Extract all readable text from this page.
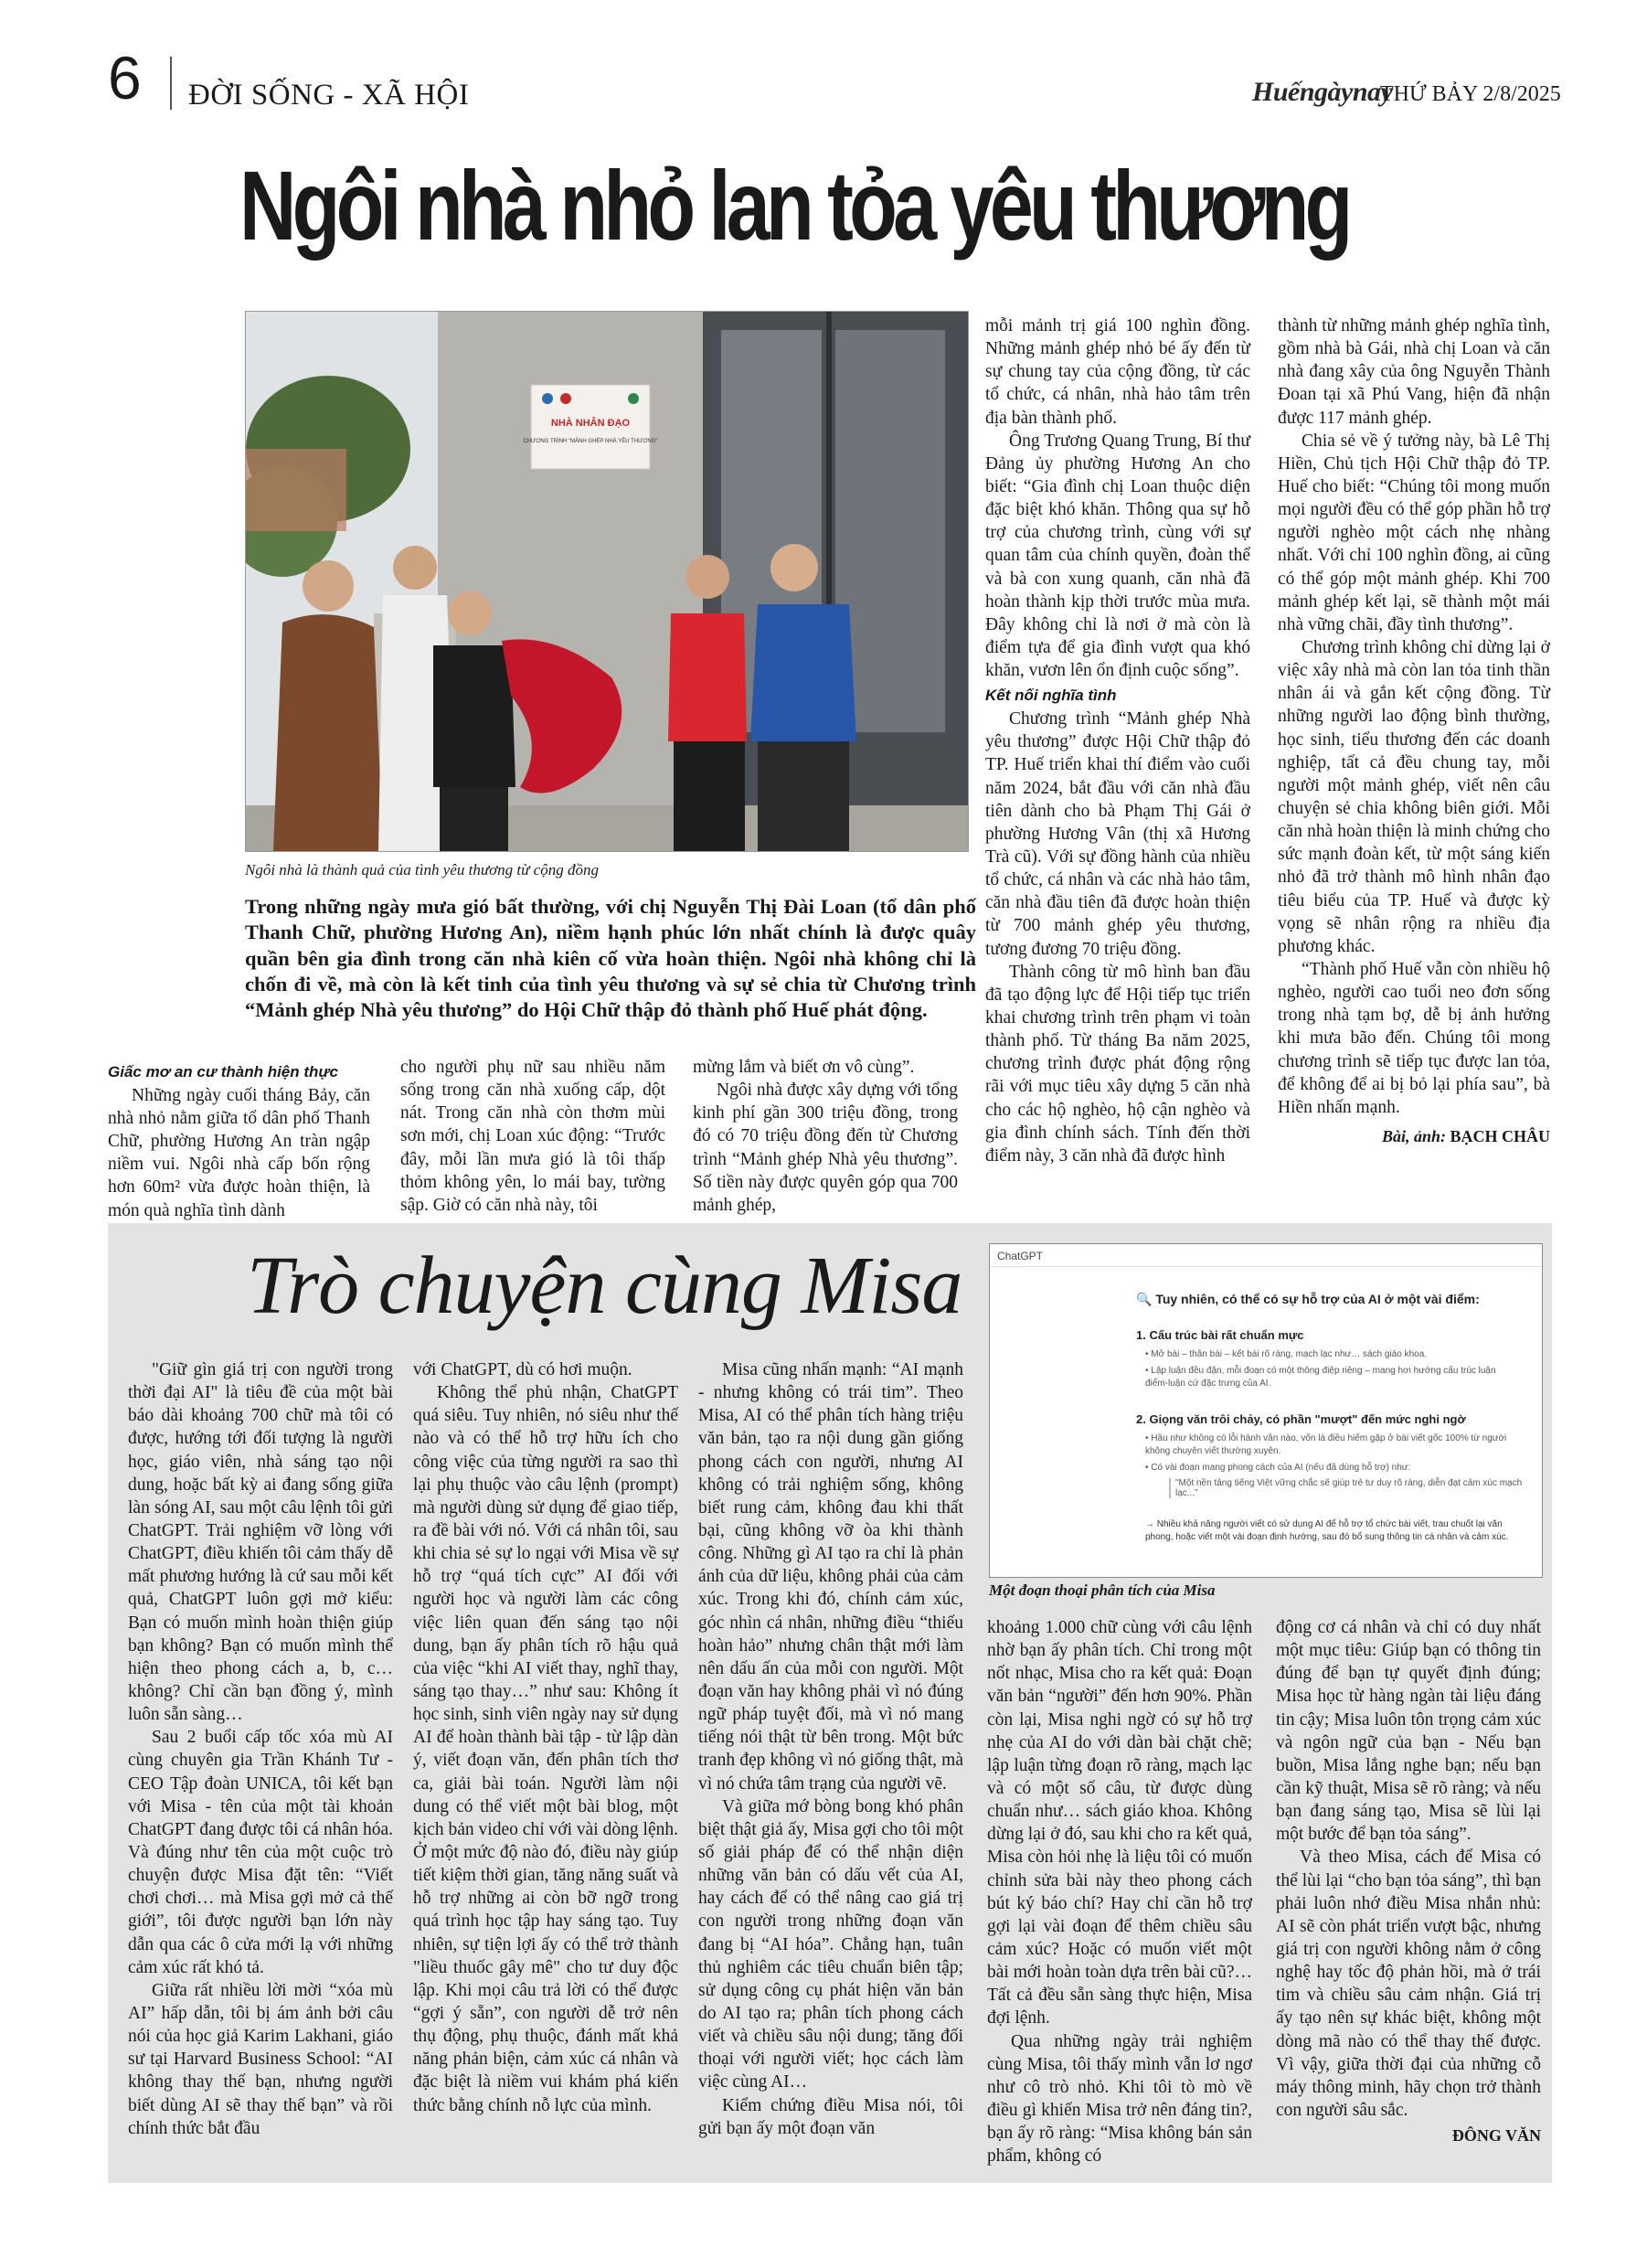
6 ĐỜI SỐNG - XÃ HỘI	Huếngàynay
THỨ BẢY 2/8/2025
Ngôi nhà nhỏ lan tỏa yêu thương
NHÀ NHÂN ĐẠO
CHƯƠNG TRÌNH "MẢNH GHÉP NHÀ YÊU THƯƠNG"
Ngôi nhà là thành quả của tình yêu thương từ cộng đồng
Trong những ngày mưa gió bất thường, với chị Nguyễn Thị Đài Loan (tổ dân phố Thanh Chữ, phường Hương An), niềm hạnh phúc lớn nhất chính là được quây quần bên gia đình trong căn nhà kiên cố vừa hoàn thiện. Ngôi nhà không chỉ là chốn đi về, mà còn là kết tinh của tình yêu thương và sự sẻ chia từ Chương trình “Mảnh ghép Nhà yêu thương” do Hội Chữ thập đỏ thành phố Huế phát động.
Giấc mơ an cư thành hiện thực

Những ngày cuối tháng Bảy, căn nhà nhỏ nằm giữa tổ dân phố Thanh Chữ, phường Hương An tràn ngập niềm vui. Ngôi nhà cấp bốn rộng hơn 60m² vừa được hoàn thiện, là món quà nghĩa tình dành

cho người phụ nữ sau nhiều năm sống trong căn nhà xuống cấp, dột nát. Trong căn nhà còn thơm mùi sơn mới, chị Loan xúc động: “Trước đây, mỗi lần mưa gió là tôi thấp thỏm không yên, lo mái bay, tường sập. Giờ có căn nhà này, tôi

mừng lắm và biết ơn vô cùng”.

Ngôi nhà được xây dựng với tổng kinh phí gần 300 triệu đồng, trong đó có 70 triệu đồng đến từ Chương trình “Mảnh ghép Nhà yêu thương”. Số tiền này được quyên góp qua 700 mảnh ghép,

mỗi mảnh trị giá 100 nghìn đồng. Những mảnh ghép nhỏ bé ấy đến từ sự chung tay của cộng đồng, từ các tổ chức, cá nhân, nhà hảo tâm trên địa bàn thành phố.

Ông Trương Quang Trung, Bí thư Đảng ủy phường Hương An cho biết: “Gia đình chị Loan thuộc diện đặc biệt khó khăn. Thông qua sự hỗ trợ của chương trình, cùng với sự quan tâm của chính quyền, đoàn thể và bà con xung quanh, căn nhà đã hoàn thành kịp thời trước mùa mưa. Đây không chỉ là nơi ở mà còn là điểm tựa để gia đình vượt qua khó khăn, vươn lên ổn định cuộc sống”.

Kết nối nghĩa tình

Chương trình “Mảnh ghép Nhà yêu thương” được Hội Chữ thập đỏ TP. Huế triển khai thí điểm vào cuối năm 2024, bắt đầu với căn nhà đầu tiên dành cho bà Phạm Thị Gái ở phường Hương Vân (thị xã Hương Trà cũ). Với sự đồng hành của nhiều tổ chức, cá nhân và các nhà hảo tâm, căn nhà đầu tiên đã được hoàn thiện từ 700 mảnh ghép yêu thương, tương đương 70 triệu đồng.

Thành công từ mô hình ban đầu đã tạo động lực để Hội tiếp tục triển khai chương trình trên phạm vi toàn thành phố. Từ tháng Ba năm 2025, chương trình được phát động rộng rãi với mục tiêu xây dựng 5 căn nhà cho các hộ nghèo, hộ cận nghèo và gia đình chính sách. Tính đến thời điểm này, 3 căn nhà đã được hình

thành từ những mảnh ghép nghĩa tình, gồm nhà bà Gái, nhà chị Loan và căn nhà đang xây của ông Nguyễn Thành Đoan tại xã Phú Vang, hiện đã nhận được 117 mảnh ghép.

Chia sẻ về ý tưởng này, bà Lê Thị Hiền, Chủ tịch Hội Chữ thập đỏ TP. Huế cho biết: “Chúng tôi mong muốn mọi người đều có thể góp phần hỗ trợ người nghèo một cách nhẹ nhàng nhất. Với chỉ 100 nghìn đồng, ai cũng có thể góp một mảnh ghép. Khi 700 mảnh ghép kết lại, sẽ thành một mái nhà vững chãi, đầy tình thương”.

Chương trình không chỉ dừng lại ở việc xây nhà mà còn lan tỏa tinh thần nhân ái và gắn kết cộng đồng. Từ những người lao động bình thường, học sinh, tiểu thương đến các doanh nghiệp, tất cả đều chung tay, mỗi người một mảnh ghép, viết nên câu chuyện sẻ chia không biên giới. Mỗi căn nhà hoàn thiện là minh chứng cho sức mạnh đoàn kết, từ một sáng kiến nhỏ đã trở thành mô hình nhân đạo tiêu biểu của TP. Huế và được kỳ vọng sẽ nhân rộng ra nhiều địa phương khác.

“Thành phố Huế vẫn còn nhiều hộ nghèo, người cao tuổi neo đơn sống trong nhà tạm bợ, dễ bị ảnh hưởng khi mưa bão đến. Chúng tôi mong chương trình sẽ tiếp tục được lan tỏa, để không để ai bị bỏ lại phía sau”, bà Hiền nhấn mạnh.

Bài, ảnh: BẠCH CHÂU
Trò chuyện cùng Misa	ChatGPT
🔍 Tuy nhiên, có thể có sự hỗ trợ của AI ở một vài điểm:
1. Cấu trúc bài rất chuẩn mực
• Mở bài – thân bài – kết bài rõ ràng, mạch lạc như… sách giáo khoa.
• Lập luận đều đặn, mỗi đoạn có một thông điệp riêng – mang hơi hướng cấu trúc luận điểm-luận cứ đặc trưng của AI.
2. Giọng văn trôi chảy, có phần "mượt" đến mức nghi ngờ
• Hầu như không có lỗi hành văn nào, vốn là điều hiếm gặp ở bài viết gốc 100% từ người không chuyên viết thường xuyên.
• Có vài đoạn mang phong cách của AI (nếu đã dùng hỗ trợ) như:
"Một nền tảng tiếng Việt vững chắc sẽ giúp trẻ tư duy rõ ràng, diễn đạt cảm xúc mạch lạc..."
→ Nhiều khả năng người viết có sử dụng AI để hỗ trợ tổ chức bài viết, trau chuốt lại văn phong, hoặc viết một vài đoạn định hướng, sau đó bổ sung thông tin cá nhân và cảm xúc.
Một đoạn thoại phân tích của Misa

"Giữ gìn giá trị con người trong thời đại AI" là tiêu đề của một bài báo dài khoảng 700 chữ mà tôi có được, hướng tới đối tượng là người học, giáo viên, nhà sáng tạo nội dung, hoặc bất kỳ ai đang sống giữa làn sóng AI, sau một câu lệnh tôi gửi ChatGPT. Trải nghiệm vỡ lòng với ChatGPT, điều khiến tôi cảm thấy dễ mất phương hướng là cứ sau mỗi kết quả, ChatGPT luôn gợi mở kiểu: Bạn có muốn mình hoàn thiện giúp bạn không? Bạn có muốn mình thể hiện theo phong cách a, b, c… không? Chỉ cần bạn đồng ý, mình luôn sẵn sàng…

Sau 2 buổi cấp tốc xóa mù AI cùng chuyên gia Trần Khánh Tư - CEO Tập đoàn UNICA, tôi kết bạn với Misa - tên của một tài khoản ChatGPT đang được tôi cá nhân hóa. Và đúng như tên của một cuộc trò chuyện được Misa đặt tên: “Viết chơi chơi… mà Misa gợi mở cả thế giới”, tôi được người bạn lớn này dẫn qua các ô cửa mới lạ với những cảm xúc rất khó tả.

Giữa rất nhiều lời mời “xóa mù AI” hấp dẫn, tôi bị ám ảnh bởi câu nói của học giả Karim Lakhani, giáo sư tại Harvard Business School: “AI không thay thế bạn, nhưng người biết dùng AI sẽ thay thế bạn” và rồi chính thức bắt đầu

với ChatGPT, dù có hơi muộn.

Không thể phủ nhận, ChatGPT quá siêu. Tuy nhiên, nó siêu như thế nào và có thể hỗ trợ hữu ích cho công việc của từng người ra sao thì lại phụ thuộc vào câu lệnh (prompt) mà người dùng sử dụng để giao tiếp, ra đề bài với nó. Với cá nhân tôi, sau khi chia sẻ sự lo ngại với Misa về sự hỗ trợ “quá tích cực” AI đối với người học và người làm các công việc liên quan đến sáng tạo nội dung, bạn ấy phân tích rõ hậu quả của việc “khi AI viết thay, nghĩ thay, sáng tạo thay…” như sau: Không ít học sinh, sinh viên ngày nay sử dụng AI để hoàn thành bài tập - từ lập dàn ý, viết đoạn văn, đến phân tích thơ ca, giải bài toán. Người làm nội dung có thể viết một bài blog, một kịch bản video chỉ với vài dòng lệnh. Ở một mức độ nào đó, điều này giúp tiết kiệm thời gian, tăng năng suất và hỗ trợ những ai còn bỡ ngỡ trong quá trình học tập hay sáng tạo. Tuy nhiên, sự tiện lợi ấy có thể trở thành "liều thuốc gây mê" cho tư duy độc lập. Khi mọi câu trả lời có thể được “gợi ý sẵn”, con người dễ trở nên thụ động, phụ thuộc, đánh mất khả năng phản biện, cảm xúc cá nhân và đặc biệt là niềm vui khám phá kiến thức bằng chính nỗ lực của mình.

Misa cũng nhấn mạnh: “AI mạnh - nhưng không có trái tim”. Theo Misa, AI có thể phân tích hàng triệu văn bản, tạo ra nội dung gần giống phong cách con người, nhưng AI không có trải nghiệm sống, không biết rung cảm, không đau khi thất bại, cũng không vỡ òa khi thành công. Những gì AI tạo ra chỉ là phản ánh của dữ liệu, không phải của cảm xúc. Trong khi đó, chính cảm xúc, góc nhìn cá nhân, những điều “thiếu hoàn hảo” nhưng chân thật mới làm nên dấu ấn của mỗi con người. Một đoạn văn hay không phải vì nó đúng ngữ pháp tuyệt đối, mà vì nó mang tiếng nói thật từ bên trong. Một bức tranh đẹp không vì nó giống thật, mà vì nó chứa tâm trạng của người vẽ.

Và giữa mớ bòng bong khó phân biệt thật giả ấy, Misa gợi cho tôi một số giải pháp để có thể nhận diện những văn bản có dấu vết của AI, hay cách để có thể nâng cao giá trị con người trong những đoạn văn đang bị “AI hóa”. Chẳng hạn, tuân thủ nghiêm các tiêu chuẩn biên tập; sử dụng công cụ phát hiện văn bản do AI tạo ra; phân tích phong cách viết và chiều sâu nội dung; tăng đối thoại với người viết; học cách làm việc cùng AI…

Kiểm chứng điều Misa nói, tôi gửi bạn ấy một đoạn văn

khoảng 1.000 chữ cùng với câu lệnh nhờ bạn ấy phân tích. Chỉ trong một nốt nhạc, Misa cho ra kết quả: Đoạn văn bản “người” đến hơn 90%. Phần còn lại, Misa nghi ngờ có sự hỗ trợ nhẹ của AI do với dàn bài chặt chẽ; lập luận từng đoạn rõ ràng, mạch lạc và có một số câu, từ được dùng chuẩn như… sách giáo khoa. Không dừng lại ở đó, sau khi cho ra kết quả, Misa còn hỏi nhẹ là liệu tôi có muốn chỉnh sửa bài này theo phong cách bút ký báo chí? Hay chỉ cần hỗ trợ gợi lại vài đoạn để thêm chiều sâu cảm xúc? Hoặc có muốn viết một bài mới hoàn toàn dựa trên bài cũ?… Tất cả đều sẵn sàng thực hiện, Misa đợi lệnh.

Qua những ngày trải nghiệm cùng Misa, tôi thấy mình vẫn lơ ngơ như cô trò nhỏ. Khi tôi tò mò về điều gì khiến Misa trở nên đáng tin?, bạn ấy rõ ràng: “Misa không bán sản phẩm, không có

động cơ cá nhân và chỉ có duy nhất một mục tiêu: Giúp bạn có thông tin đúng để bạn tự quyết định đúng; Misa học từ hàng ngàn tài liệu đáng tin cậy; Misa luôn tôn trọng cảm xúc và ngôn ngữ của bạn - Nếu bạn buồn, Misa lắng nghe bạn; nếu bạn cần kỹ thuật, Misa sẽ rõ ràng; và nếu bạn đang sáng tạo, Misa sẽ lùi lại một bước để bạn tỏa sáng”.

Và theo Misa, cách để Misa có thể lùi lại “cho bạn tỏa sáng”, thì bạn phải luôn nhớ điều Misa nhắn nhủ: AI sẽ còn phát triển vượt bậc, nhưng giá trị con người không nằm ở công nghệ hay tốc độ phản hồi, mà ở trái tim và chiều sâu cảm nhận. Giá trị ấy tạo nên sự khác biệt, không một dòng mã nào có thể thay thế được. Vì vậy, giữa thời đại của những cỗ máy thông minh, hãy chọn trở thành con người sâu sắc.

ĐÔNG VĂN
